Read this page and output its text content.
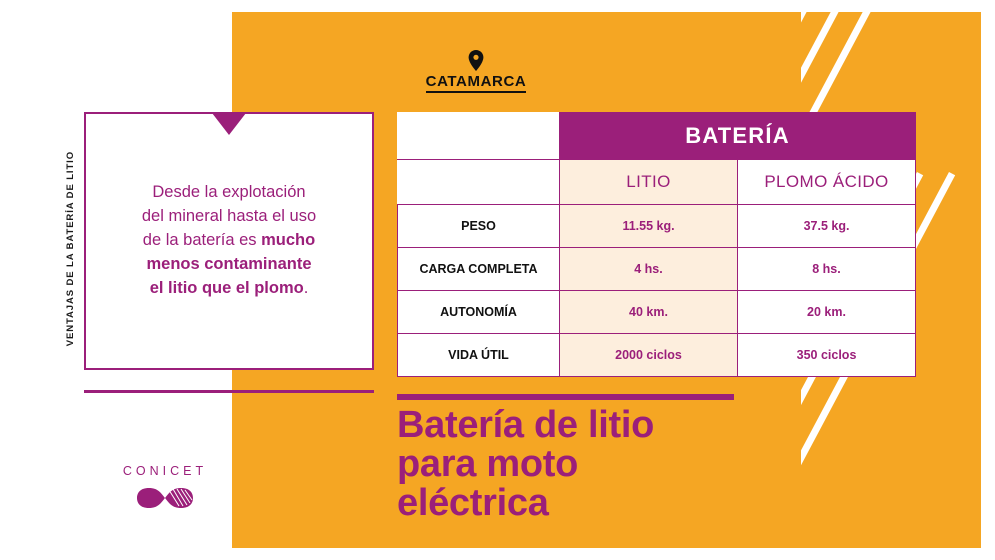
VENTAJAS DE LA BATERÍA DE LITIO	Desde la explotación
del mineral hasta el uso
de la batería es mucho
menos contaminante
el litio que el plomo.
CATAMARCA
	BATERÍA	
	LITIO	PLOMO ÁCIDO
PESO	11.55 kg.	37.5 kg.
CARGA COMPLETA	4 hs.	8 hs.
AUTONOMÍA	40 km.	20 km.
VIDA ÚTIL	2000 ciclos	350 ciclos
Batería de litio
para moto
eléctrica
CONICET
